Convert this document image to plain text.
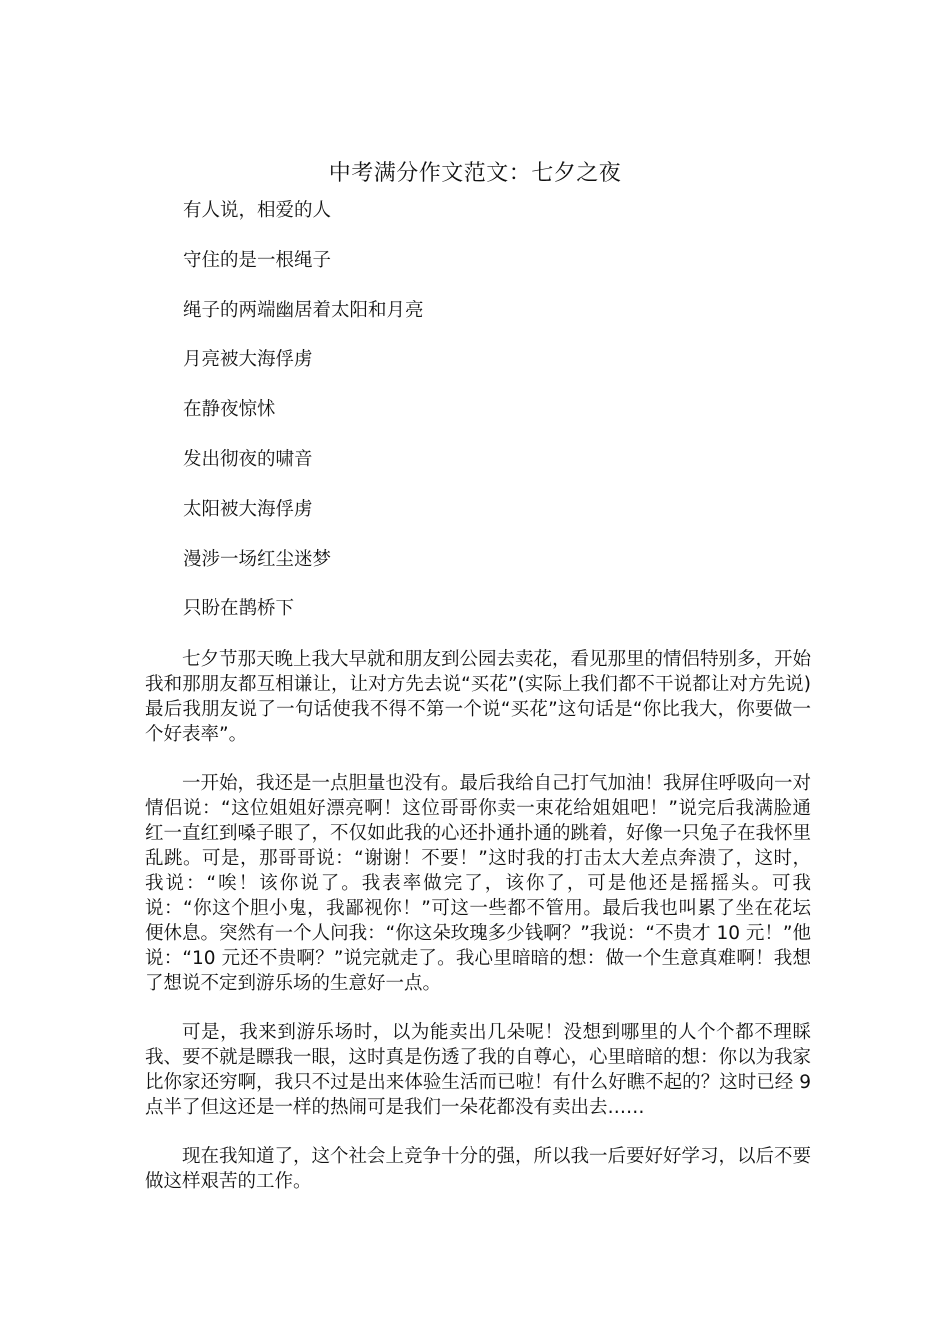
中考满分作文范文：七夕之夜
有人说，相爱的人
守住的是一根绳子
绳子的两端幽居着太阳和月亮
月亮被大海俘虏
在静夜惊怵
发出彻夜的啸音
太阳被大海俘虏
漫涉一场红尘迷梦
只盼在鹊桥下

七夕节那天晚上我大早就和朋友到公园去卖花，看见那里的情侣特别多，开始我和那朋友都互相谦让，让对方先去说“买花”(实际上我们都不干说都让对方先说)最后我朋友说了一句话使我不得不第一个说“买花”这句话是“你比我大，你要做一个好表率”。

一开始，我还是一点胆量也没有。最后我给自己打气加油！我屏住呼吸向一对情侣说：“这位姐姐好漂亮啊！这位哥哥你卖一束花给姐姐吧！”说完后我满脸通红一直红到嗓子眼了，不仅如此我的心还扑通扑通的跳着，好像一只兔子在我怀里乱跳。可是，那哥哥说：“谢谢！不要！”这时我的打击太大差点奔溃了，这时，我说：“唉！该你说了。我表率做完了，该你了，可是他还是摇摇头。可我说：“你这个胆小鬼，我鄙视你！”可这一些都不管用。最后我也叫累了坐在花坛便休息。突然有一个人问我：“你这朵玫瑰多少钱啊？”我说：“不贵才 10 元！”他说：“10 元还不贵啊？”说完就走了。我心里暗暗的想：做一个生意真难啊！我想了想说不定到游乐场的生意好一点。

可是，我来到游乐场时，以为能卖出几朵呢！没想到哪里的人个个都不理睬我、要不就是瞟我一眼，这时真是伤透了我的自尊心，心里暗暗的想：你以为我家比你家还穷啊，我只不过是出来体验生活而已啦！有什么好瞧不起的？这时已经 9 点半了但这还是一样的热闹可是我们一朵花都没有卖出去……

现在我知道了，这个社会上竞争十分的强，所以我一后要好好学习，以后不要做这样艰苦的工作。
